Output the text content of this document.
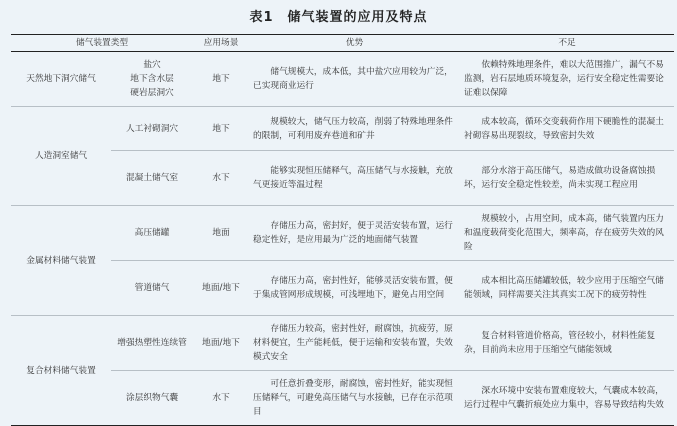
表1 储气装置的应用及特点
储气装置类型		应用场景	优势	不足
天然地下洞穴储气	盐穴
地下含水层
硬岩层洞穴	地下	储气规模大，成本低，其中盐穴应用较为广泛，已实现商业运行	依赖特殊地理条件，难以大范围推广，漏气不易监测，岩石层地质环境复杂，运行安全稳定性需要论证难以保障

人造洞室储气	人工衬砌洞穴	地下	规模较大，储气压力较高，削弱了特殊地理条件的限制，可利用废弃巷道和矿井	成本较高，循环交变载荷作用下硬脆性的混凝土衬砌容易出现裂纹，导致密封失效

	混凝土储气室	水下	能够实现恒压储释气，高压储气与水接触，充放气更接近等温过程	部分水溶于高压储气，易造成做功设备腐蚀损坏，运行安全稳定性较差，尚未实现工程应用

金属材料储气装置	高压储罐	地面	存储压力高，密封好，便于灵活安装布置，运行稳定性好，是应用最为广泛的地面储气装置	规模较小，占用空间，成本高，储气装置内压力和温度载荷变化范围大，频率高，存在疲劳失效的风险

	管道储气	地面/地下	存储压力高，密封性好，能够灵活安装布置，便于集成管网形成规模，可浅埋地下，避免占用空间	成本相比高压储罐较低，较少应用于压缩空气储能领域，同样需要关注其真实工况下的疲劳特性

复合材料储气装置	增强热塑性连续管	地面/地下	存储压力较高，密封性好，耐腐蚀，抗疲劳，原材料便宜，生产能耗低，便于运输和安装布置，失效模式安全	复合材料管道价格高，管径较小，材料性能复杂，目前尚未应用于压缩空气储能领域

	涂层织物气囊	水下	可任意折叠变形，耐腐蚀，密封性好，能实现恒压储释气，可避免高压储气与水接触，已存在示范项目	深水环境中安装布置难度较大，气囊成本较高，运行过程中气囊折痕处应力集中，容易导致结构失效
